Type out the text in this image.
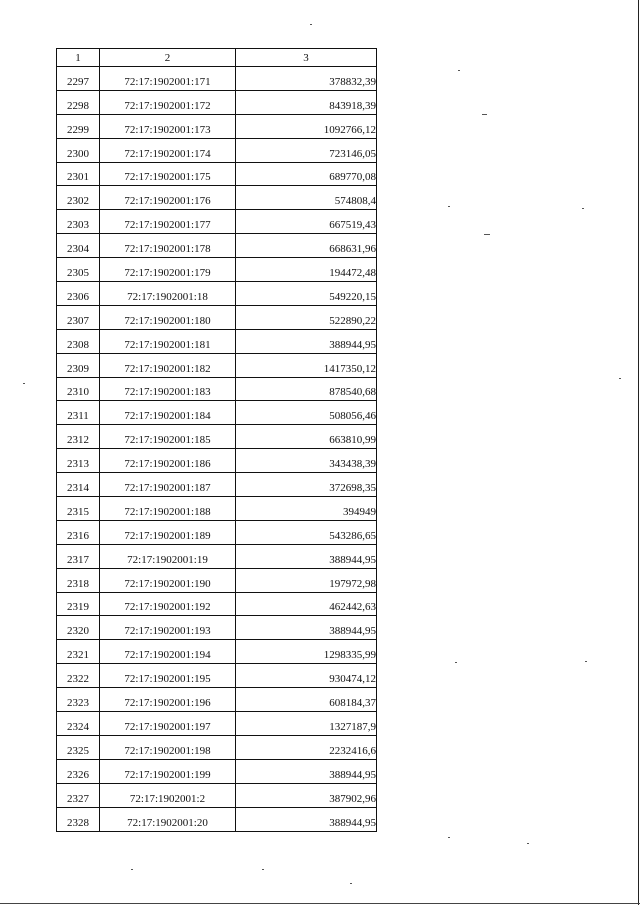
1	2	3
2297	72:17:1902001:171	378832,39
2298	72:17:1902001:172	843918,39
2299	72:17:1902001:173	1092766,12
2300	72:17:1902001:174	723146,05
2301	72:17:1902001:175	689770,08
2302	72:17:1902001:176	574808,4
2303	72:17:1902001:177	667519,43
2304	72:17:1902001:178	668631,96
2305	72:17:1902001:179	194472,48
2306	72:17:1902001:18	549220,15
2307	72:17:1902001:180	522890,22
2308	72:17:1902001:181	388944,95
2309	72:17:1902001:182	1417350,12
2310	72:17:1902001:183	878540,68
2311	72:17:1902001:184	508056,46
2312	72:17:1902001:185	663810,99
2313	72:17:1902001:186	343438,39
2314	72:17:1902001:187	372698,35
2315	72:17:1902001:188	394949
2316	72:17:1902001:189	543286,65
2317	72:17:1902001:19	388944,95
2318	72:17:1902001:190	197972,98
2319	72:17:1902001:192	462442,63
2320	72:17:1902001:193	388944,95
2321	72:17:1902001:194	1298335,99
2322	72:17:1902001:195	930474,12
2323	72:17:1902001:196	608184,37
2324	72:17:1902001:197	1327187,9
2325	72:17:1902001:198	2232416,6
2326	72:17:1902001:199	388944,95
2327	72:17:1902001:2	387902,96
2328	72:17:1902001:20	388944,95
